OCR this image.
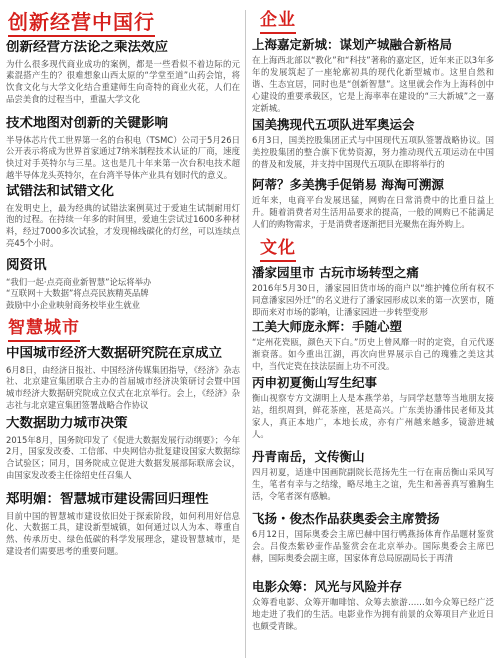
创新经营中国行
创新经营方法论之乘法效应
为什么很多现代商业成功的案例，都是一些看似不着边际的元素混搭产生的？很难想象山西太原的“学堂至道”山药会馆，将饮食文化与大学文化结合重建师生向奇特的商业火花，人们在品尝美食的过程当中，重温大学文化
技术地图对创新的关键影响
半导体芯片代工世界第一名的台积电（TSMC）公司于5月26日公开表示将成为世界首家通过7纳米制程技术认证的厂商，速度快过对手英特尔与三星。这也是几十年来第一次台积电技术超越半导体龙头英特尔，在台湾半导体产业具有划时代的意义。
试错法和试错文化
在发明史上，最为经典的试错法案例莫过于爱迪生试制耐用灯泡的过程。在持续一年多的时间里，爱迪生尝试过1600多种材料，经过7000多次试验，才发现棉线碳化的灯丝，可以连续点亮45个小时。
阅资讯
“我们一起·点亮商业新智慧”论坛将举办
“互联网＋大数据”将点亮民族精英品牌
鼓励中小企业映射商务校毕业生就业
智慧城市
中国城市经济大数据研究院在京成立
6月8日，由经济日报社、中国经济传媒集团指导，《经济》杂志社、北京建宣集团联合主办的首届城市经济决策研讨会暨中国城市经济大数据研究院成立仪式在北京举行。会上，《经济》杂志社与北京建宣集团签署战略合作协议
大数据助力城市决策
2015年8月，国务院印发了《促进大数据发展行动纲要》；今年2月，国家发改委、工信部、中央网信办批复建设国家大数据综合试验区；同月，国务院成立促进大数据发展部际联席会议，由国家发改委主任徐绍史任召集人
郑明媚：智慧城市建设需回归理性
目前中国的智慧城市建设依旧处于探索阶段，如何利用好信息化、大数据工具，建设新型城镇，如何通过以人为本、尊重自然、传承历史、绿色低碳的科学发展理念，建设智慧城市，是建设者们需要思考的重要问题。
企业
上海嘉定新城：谋划产城融合新格局
在上海西北部以“教化”和“科技”著称的嘉定区，近年来正以3年多年的发展筑起了一座轮廓初具的现代化新型城市。这里自然和谐、生态宜居，同时也是“创新智慧”。这里就会作为上海科创中心建设的重要承载区，它是上海率率在建设的“三大新城”之一嘉定新城。
国美携现代五项队进军奥运会
6月3日，国美控股集团正式与中国现代五项队签署战略协议。国美控股集团的整合旗下优势资源，努力推动现代五项运动在中国的普及和发展，并支持中国现代五项队在即将举行的
阿蒂？多美携手促销易 海淘可溯源
近年来，电商平台发展迅猛，网购在日常消费中的比重日益上升。随着消费者对生活用品要求的提高，一般的网购已不能满足人们的购物需求，于是消费者逐渐把目光聚焦在海外购上。
文化
潘家园里市 古玩市场转型之痛
2016年5月30日，潘家园旧货市场的商户以“维护摊位所有权不同意潘家园外迁”的名义进行了潘家园形成以来的第一次罢市，随即而来对市场的影响，让潘家园进一步转型变形
工美大师庞永辉：手随心塑
“定州花瓷瓯，颜色天下白。”历史上曾风靡一时的定瓷，自元代逐渐衰落。如今重出江湖，再次向世界展示自己的瑰雅之美这其中，当代定瓷在技法层面上功不可没。
丙申初夏衡山写生纪事
衡山视察专方文湖明上人是本燕学弟，与同学赵慧等当地朋友接站，组织周到，鲜花茶座，甚是高兴。广东美协潘伟民老师及其家人，真正本地广，本地长成，亦有广州越来越多，镜游进城人。
丹青南岳，文传衡山
四月初夏，适逢中国画院副院长范扬先生一行在南岳衡山采风写生，笔者有幸与之结缘，略尽地主之谊，先生和善善真写雅胸生活，令笔者深有感触。
飞扬・俊杰作品获奥委会主席赞扬
6月12日，国际奥委会主席巴赫中国行鸭燕扬体育作品题材鉴赏会。吕俊杰紫砂壶作品鉴赏会在北京举办。国际奥委会主席巴赫，国际奥委会副主席，国家体育总局原副局长于再清
电影众筹：风光与风险并存
众筹看电影、众筹开咖啡馆、众筹去旅游……如今众筹已经广泛地走进了我们的生活。电影业作为拥有前景的众筹项目产业近日也颇受青睐。
